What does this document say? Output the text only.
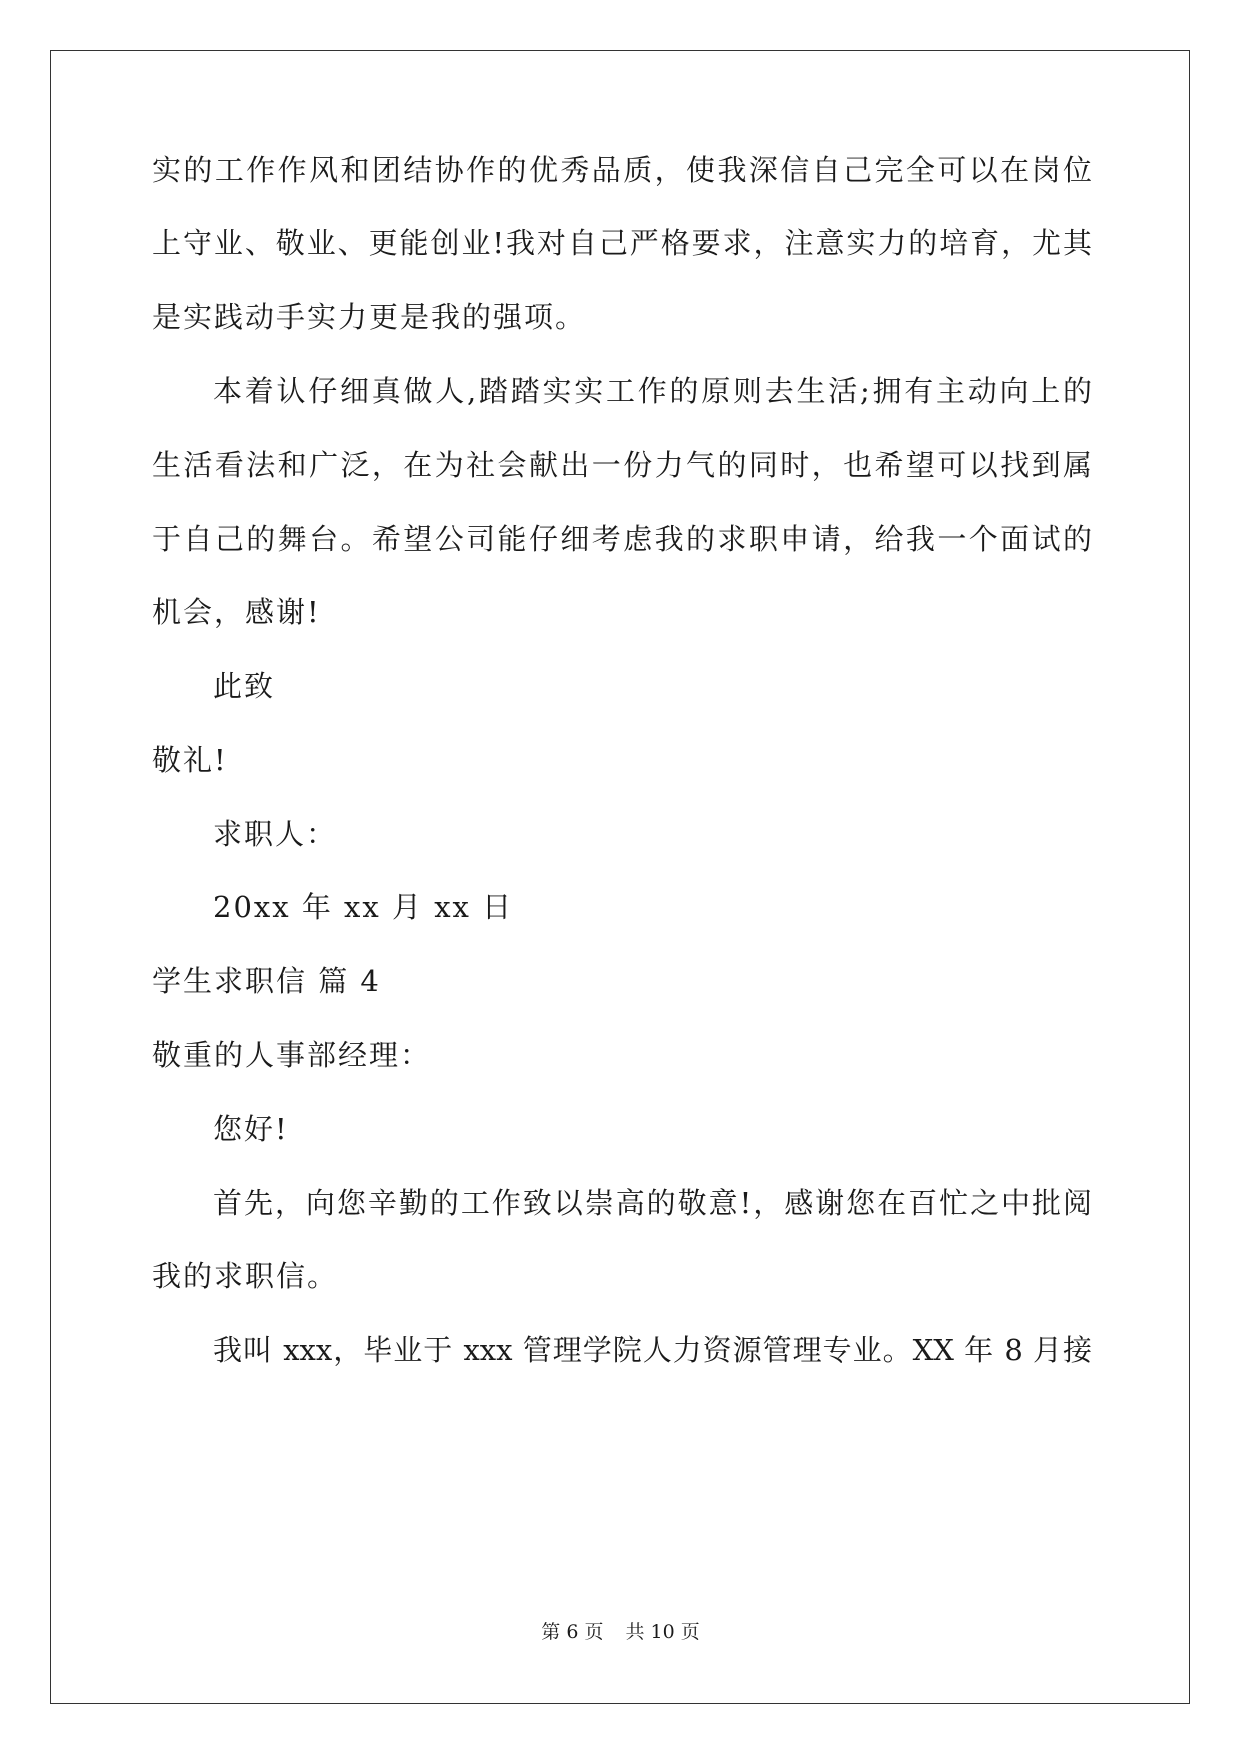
实的工作作风和团结协作的优秀品质，使我深信自己完全可以在岗位
上守业、敬业、更能创业!我对自己严格要求，注意实力的培育，尤其
是实践动手实力更是我的强项。
本着认仔细真做人,踏踏实实工作的原则去生活;拥有主动向上的
生活看法和广泛，在为社会献出一份力气的同时，也希望可以找到属
于自己的舞台。希望公司能仔细考虑我的求职申请，给我一个面试的
机会，感谢!
此致
敬礼!
求职人：
20xx 年 xx 月 xx 日
学生求职信 篇 4
敬重的人事部经理：
您好!
首先，向您辛勤的工作致以崇高的敬意!，感谢您在百忙之中批阅
我的求职信。
我叫 xxx，毕业于 xxx 管理学院人力资源管理专业。XX 年 8 月接
第 6 页 共 10 页
